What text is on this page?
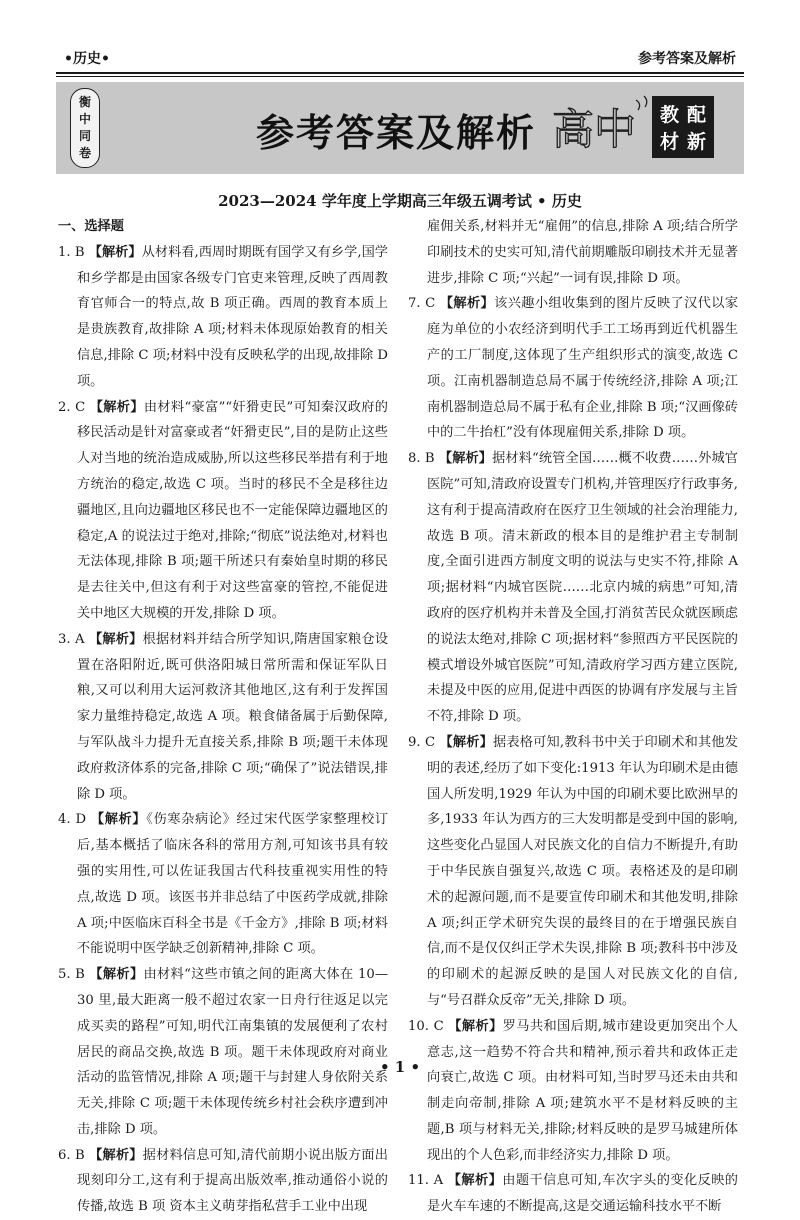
•历史•	参考答案及解析
衡
中
同
卷	参考答案及解析 高中 教 配
材 新
2023—2024 学年度上学期高三年级五调考试 • 历史
一、选择题
1. B 【解析】从材料看,西周时期既有国学又有乡学,国学和乡学都是由国家各级专门官吏来管理,反映了西周教育官师合一的特点,故 B 项正确。西周的教育本质上是贵族教育,故排除 A 项;材料未体现原始教育的相关信息,排除 C 项;材料中没有反映私学的出现,故排除 D 项。
2. C 【解析】由材料“豪富”“奸猾吏民”可知秦汉政府的移民活动是针对富豪或者“奸猾吏民”,目的是防止这些人对当地的统治造成威胁,所以这些移民举措有利于地方统治的稳定,故选 C 项。当时的移民不全是移往边疆地区,且向边疆地区移民也不一定能保障边疆地区的稳定,A 的说法过于绝对,排除;“彻底”说法绝对,材料也无法体现,排除 B 项;题干所述只有秦始皇时期的移民是去往关中,但这有利于对这些富豪的管控,不能促进关中地区大规模的开发,排除 D 项。
3. A 【解析】根据材料并结合所学知识,隋唐国家粮仓设置在洛阳附近,既可供洛阳城日常所需和保证军队日粮,又可以利用大运河救济其他地区,这有利于发挥国家力量维持稳定,故选 A 项。粮食储备属于后勤保障,与军队战斗力提升无直接关系,排除 B 项;题干未体现政府救济体系的完备,排除 C 项;“确保了”说法错误,排除 D 项。
4. D 【解析】《伤寒杂病论》经过宋代医学家整理校订后,基本概括了临床各科的常用方剂,可知该书具有较强的实用性,可以佐证我国古代科技重视实用性的特点,故选 D 项。该医书并非总结了中医药学成就,排除 A 项;中医临床百科全书是《千金方》,排除 B 项;材料不能说明中医学缺乏创新精神,排除 C 项。
5. B 【解析】由材料“这些市镇之间的距离大体在 10—30 里,最大距离一般不超过农家一日舟行往返足以完成买卖的路程”可知,明代江南集镇的发展便利了农村居民的商品交换,故选 B 项。题干未体现政府对商业活动的监管情况,排除 A 项;题干与封建人身依附关系无关,排除 C 项;题干未体现传统乡村社会秩序遭到冲击,排除 D 项。
6. B 【解析】据材料信息可知,清代前期小说出版方面出现刻印分工,这有利于提高出版效率,推动通俗小说的传播,故选 B 项 资本主义萌芽指私营手工业中出现
雇佣关系,材料并无“雇佣”的信息,排除 A 项;结合所学印刷技术的史实可知,清代前期雕版印刷技术并无显著进步,排除 C 项;“兴起”一词有误,排除 D 项。
7. C 【解析】该兴趣小组收集到的图片反映了汉代以家庭为单位的小农经济到明代手工工场再到近代机器生产的工厂制度,这体现了生产组织形式的演变,故选 C 项。江南机器制造总局不属于传统经济,排除 A 项;江南机器制造总局不属于私有企业,排除 B 项;“汉画像砖中的二牛抬杠”没有体现雇佣关系,排除 D 项。
8. B 【解析】据材料“统管全国……概不收费……外城官医院”可知,清政府设置专门机构,并管理医疗行政事务,这有利于提高清政府在医疗卫生领域的社会治理能力,故选 B 项。清末新政的根本目的是维护君主专制制度,全面引进西方制度文明的说法与史实不符,排除 A 项;据材料“内城官医院……北京内城的病患”可知,清政府的医疗机构并未普及全国,打消贫苦民众就医顾虑的说法太绝对,排除 C 项;据材料“参照西方平民医院的模式增设外城官医院”可知,清政府学习西方建立医院,未提及中医的应用,促进中西医的协调有序发展与主旨不符,排除 D 项。
9. C 【解析】据表格可知,教科书中关于印刷术和其他发明的表述,经历了如下变化:1913 年认为印刷术是由德国人所发明,1929 年认为中国的印刷术要比欧洲早的多,1933 年认为西方的三大发明都是受到中国的影响,这些变化凸显国人对民族文化的自信力不断提升,有助于中华民族自强复兴,故选 C 项。表格述及的是印刷术的起源问题,而不是要宣传印刷术和其他发明,排除 A 项;纠正学术研究失误的最终目的在于增强民族自信,而不是仅仅纠正学术失误,排除 B 项;教科书中涉及的印刷术的起源反映的是国人对民族文化的自信,与“号召群众反帝”无关,排除 D 项。
10. C 【解析】罗马共和国后期,城市建设更加突出个人意志,这一趋势不符合共和精神,预示着共和政体正走向衰亡,故选 C 项。由材料可知,当时罗马还未由共和制走向帝制,排除 A 项;建筑水平不是材料反映的主题,B 项与材料无关,排除;材料反映的是罗马城建所体现出的个人色彩,而非经济实力,排除 D 项。
11. A 【解析】由题干信息可知,车次字头的变化反映的是火车车速的不断提高,这是交通运输科技水平不断
• 1 •
